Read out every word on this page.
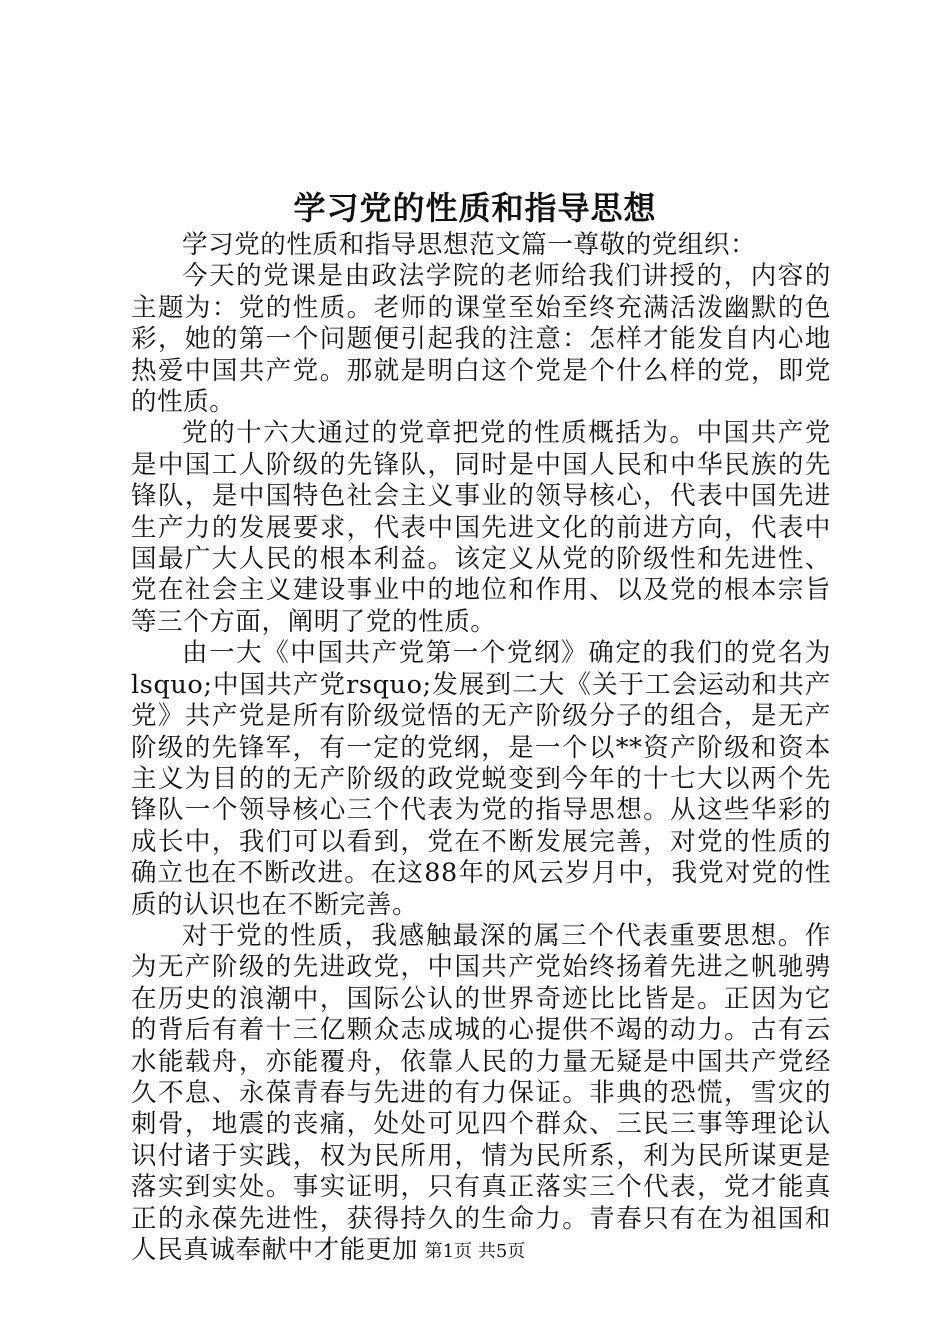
学习党的性质和指导思想

学习党的性质和指导思想范文篇一尊敬的党组织：

今天的党课是由政法学院的老师给我们讲授的，内容的主题为：党的性质。老师的课堂至始至终充满活泼幽默的色彩，她的第一个问题便引起我的注意：怎样才能发自内心地热爱中国共产党。那就是明白这个党是个什么样的党，即党的性质。

党的十六大通过的党章把党的性质概括为。中国共产党是中国工人阶级的先锋队，同时是中国人民和中华民族的先锋队，是中国特色社会主义事业的领导核心，代表中国先进生产力的发展要求，代表中国先进文化的前进方向，代表中国最广大人民的根本利益。该定义从党的阶级性和先进性、党在社会主义建设事业中的地位和作用、以及党的根本宗旨等三个方面，阐明了党的性质。

由一大《中国共产党第一个党纲》确定的我们的党名为lsquo;中国共产党rsquo;发展到二大《关于工会运动和共产党》共产党是所有阶级觉悟的无产阶级分子的组合，是无产阶级的先锋军，有一定的党纲，是一个以**资产阶级和资本主义为目的的无产阶级的政党蜕变到今年的十七大以两个先锋队一个领导核心三个代表为党的指导思想。从这些华彩的成长中，我们可以看到，党在不断发展完善，对党的性质的确立也在不断改进。在这88年的风云岁月中，我党对党的性质的认识也在不断完善。

对于党的性质，我感触最深的属三个代表重要思想。作为无产阶级的先进政党，中国共产党始终扬着先进之帆驰骋在历史的浪潮中，国际公认的世界奇迹比比皆是。正因为它的背后有着十三亿颗众志成城的心提供不竭的动力。古有云水能载舟，亦能覆舟，依靠人民的力量无疑是中国共产党经久不息、永葆青春与先进的有力保证。非典的恐慌，雪灾的刺骨，地震的丧痛，处处可见四个群众、三民三事等理论认识付诸于实践，权为民所用，情为民所系，利为民所谋更是落实到实处。事实证明，只有真正落实三个代表，党才能真正的永葆先进性，获得持久的生命力。青春只有在为祖国和人民真诚奉献中才能更加 第1页 共5页
